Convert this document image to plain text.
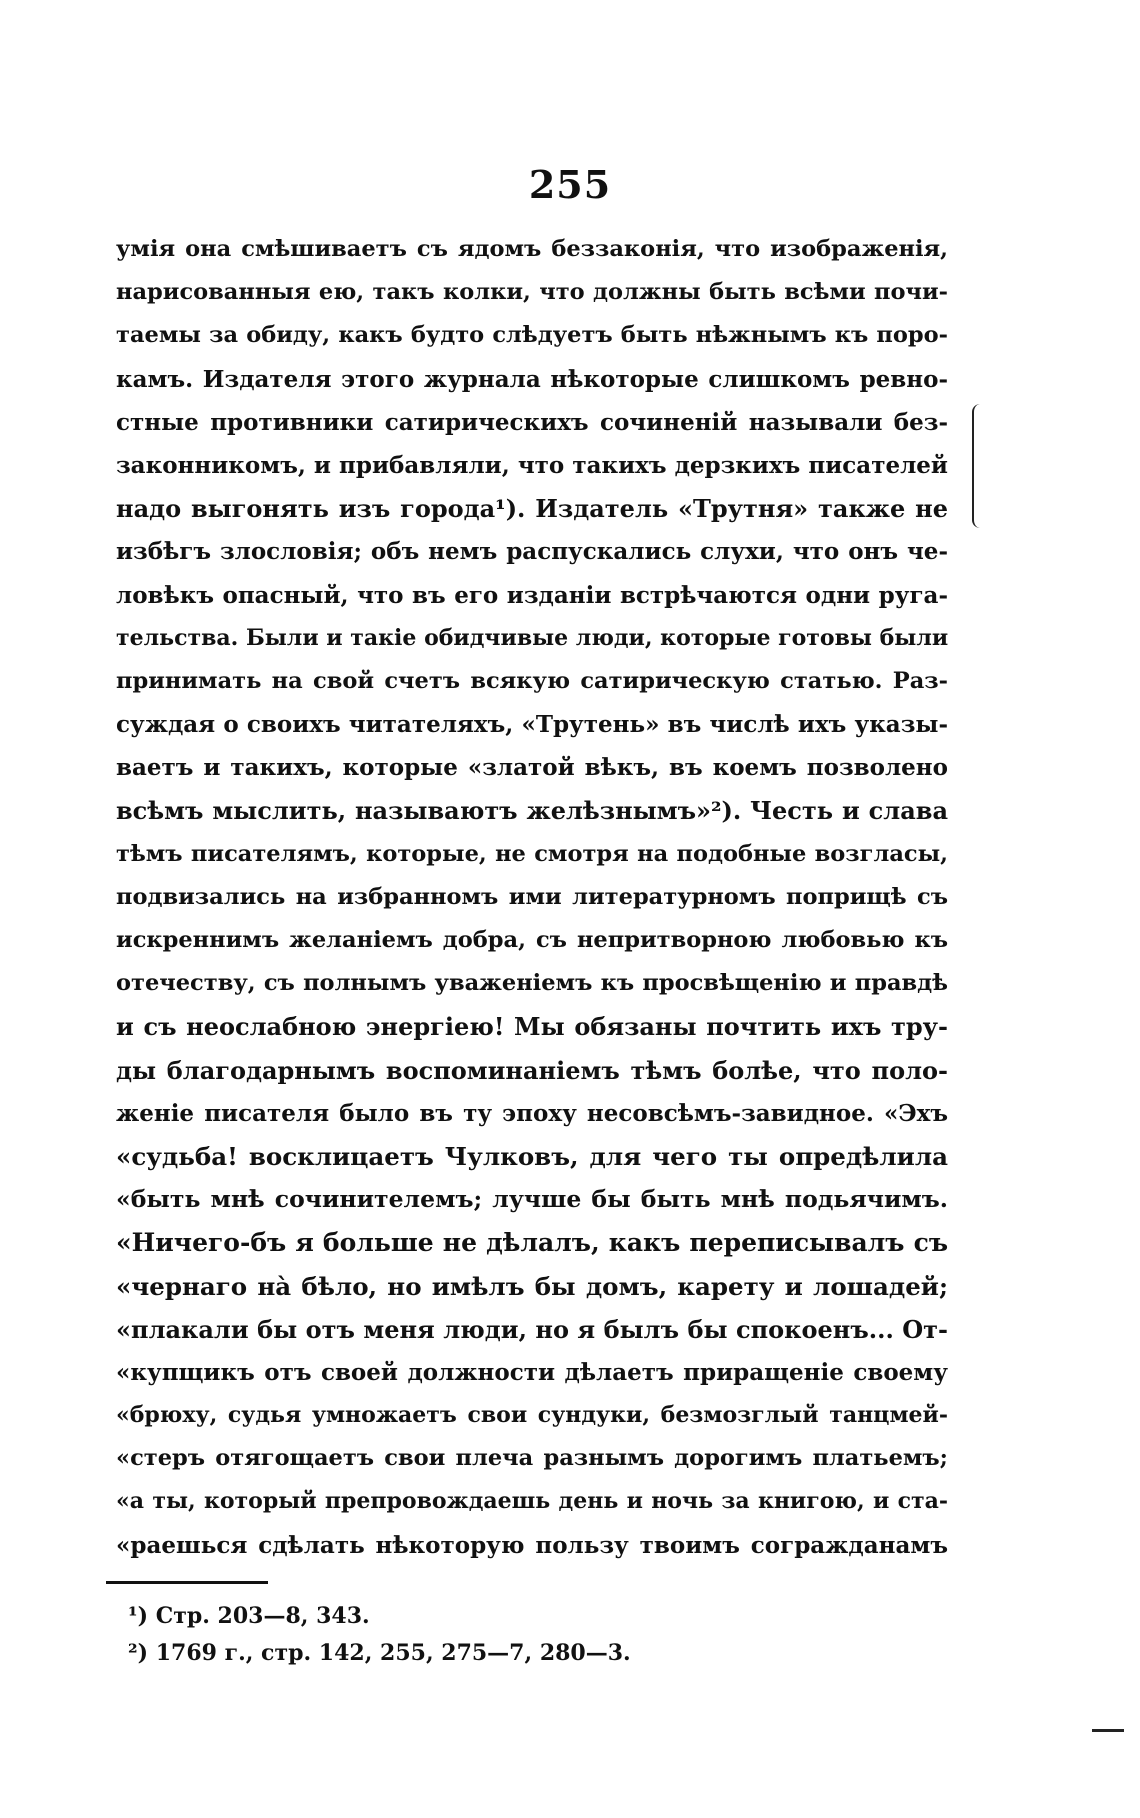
255
умія она смѣшиваетъ съ ядомъ беззаконія, что изображенія,
нарисованныя ею, такъ колки, что должны быть всѣми почи-
таемы за обиду, какъ будто слѣдуетъ быть нѣжнымъ къ поро-
камъ. Издателя этого журнала нѣкоторые слишкомъ ревно-
стные противники сатирическихъ сочиненій называли без-
законникомъ, и прибавляли, что такихъ дерзкихъ писателей
надо выгонять изъ города¹). Издатель «Трутня» также не
избѣгъ злословія; объ немъ распускались слухи, что онъ че-
ловѣкъ опасный, что въ его изданіи встрѣчаются одни руга-
тельства. Были и такіе обидчивые люди, которые готовы были
принимать на свой счетъ всякую сатирическую статью. Раз-
суждая о своихъ читателяхъ, «Трутень» въ числѣ ихъ указы-
ваетъ и такихъ, которые «златой вѣкъ, въ коемъ позволено
всѣмъ мыслить, называютъ желѣзнымъ»²). Честь и слава
тѣмъ писателямъ, которые, не смотря на подобные возгласы,
подвизались на избранномъ ими литературномъ поприщѣ съ
искреннимъ желаніемъ добра, съ непритворною любовью къ
отечеству, съ полнымъ уваженіемъ къ просвѣщенію и правдѣ
и съ неослабною энергіею! Мы обязаны почтить ихъ тру-
ды благодарнымъ воспоминаніемъ тѣмъ болѣе, что поло-
женіе писателя было въ ту эпоху несовсѣмъ-завидное. «Эхъ
«судьба! восклицаетъ Чулковъ, для чего ты опредѣлила
«быть мнѣ сочинителемъ; лучше бы быть мнѣ подьячимъ.
«Ничего-бъ я больше не дѣлалъ, какъ переписывалъ съ
«чернаго на̀ бѣло, но имѣлъ бы домъ, карету и лошадей;
«плакали бы отъ меня люди, но я былъ бы спокоенъ... От-
«купщикъ отъ своей должности дѣлаетъ приращеніе своему
«брюху, судья умножаетъ свои сундуки, безмозглый танцмей-
«стеръ отягощаетъ свои плеча разнымъ дорогимъ платьемъ;
«а ты, который препровождаешь день и ночь за книгою, и ста-
«раешься сдѣлать нѣкоторую пользу твоимъ согражданамъ
¹) Стр. 203—8, 343.
²) 1769 г., стр. 142, 255, 275—7, 280—3.
